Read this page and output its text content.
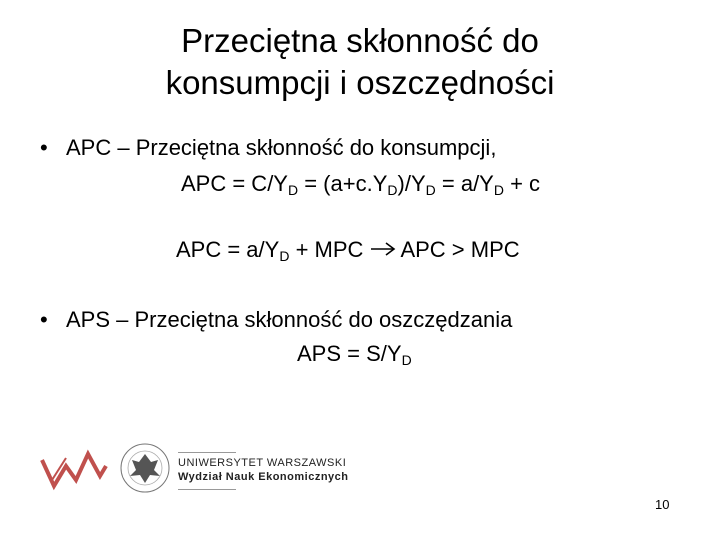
Przeciętna skłonność do
konsumpcji i oszczędności
• APC – Przeciętna skłonność do konsumpcji,
APC = $C/Y_D = (a+c.Y_D)/Y_D = a/Y_D + c$
APC = $a/Y_D$ + MPC  APC > MPC
• APS – Przeciętna skłonność do oszczędzania
APS = $S/Y_D$
UNIWERSYTET WARSZAWSKI
Wydział Nauk Ekonomicznych
10
